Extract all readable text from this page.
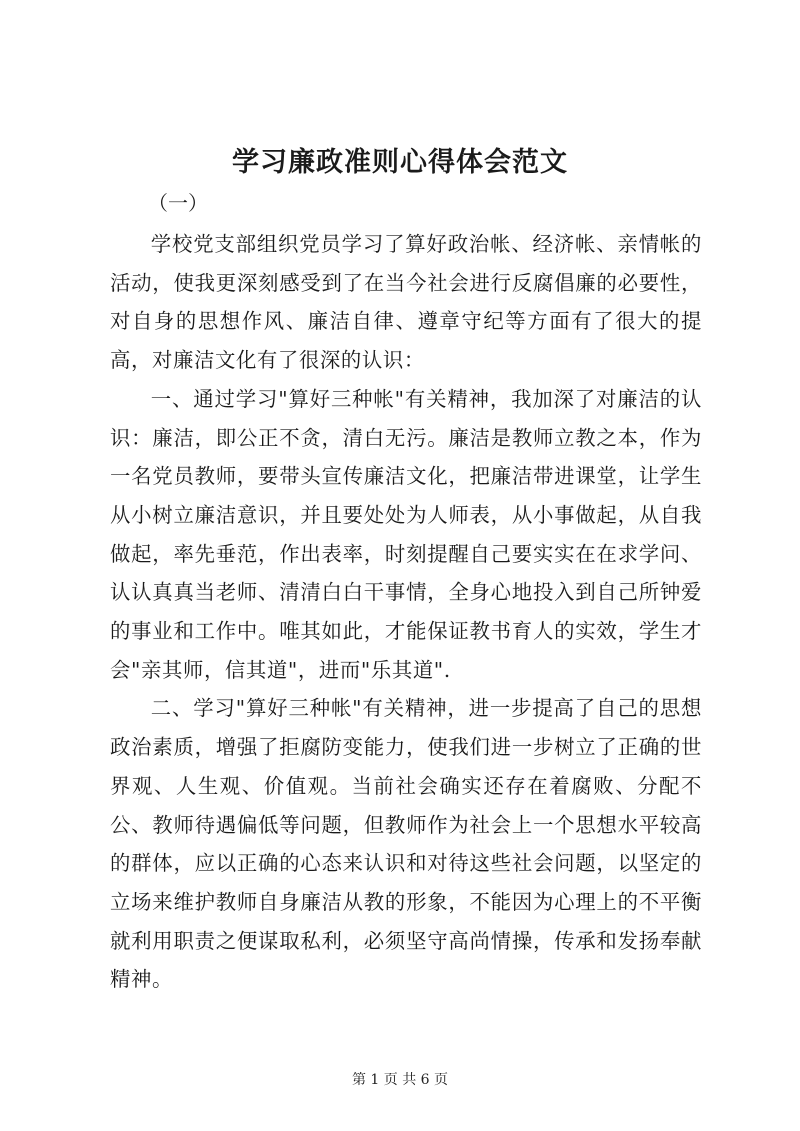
学习廉政准则心得体会范文
（一）

学校党支部组织党员学习了算好政治帐、经济帐、亲情帐的活动，使我更深刻感受到了在当今社会进行反腐倡廉的必要性，对自身的思想作风、廉洁自律、遵章守纪等方面有了很大的提高，对廉洁文化有了很深的认识：

一、通过学习"算好三种帐"有关精神，我加深了对廉洁的认识：廉洁，即公正不贪，清白无污。廉洁是教师立教之本，作为一名党员教师，要带头宣传廉洁文化，把廉洁带进课堂，让学生从小树立廉洁意识，并且要处处为人师表，从小事做起，从自我做起，率先垂范，作出表率，时刻提醒自己要实实在在求学问、认认真真当老师、清清白白干事情，全身心地投入到自己所钟爱的事业和工作中。唯其如此，才能保证教书育人的实效，学生才会"亲其师，信其道"，进而"乐其道".

二、学习"算好三种帐"有关精神，进一步提高了自己的思想政治素质，增强了拒腐防变能力，使我们进一步树立了正确的世界观、人生观、价值观。当前社会确实还存在着腐败、分配不公、教师待遇偏低等问题，但教师作为社会上一个思想水平较高的群体，应以正确的心态来认识和对待这些社会问题，以坚定的立场来维护教师自身廉洁从教的形象，不能因为心理上的不平衡就利用职责之便谋取私利，必须坚守高尚情操，传承和发扬奉献精神。

第 1 页 共 6 页
